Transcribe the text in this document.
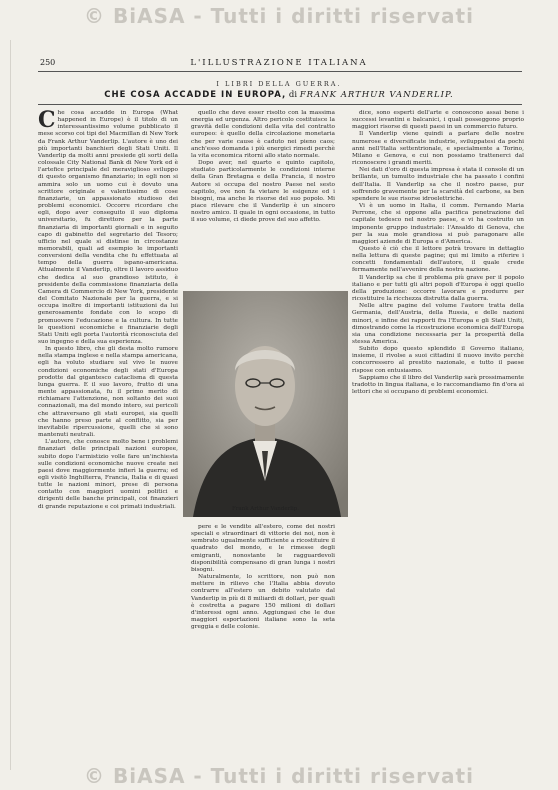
© BiASA - Tutti i diritti riservati
250	L'ILLUSTRAZIONE ITALIANA
I LIBRI DELLA GUERRA.
CHE COSA ACCADDE IN EUROPA, di FRANK ARTHUR VANDERLIP.

Che cosa accadde in Europa (What happened in Europe) è il titolo di un interessantissimo volume pubblicato il mese scorso coi tipi del Macmillan di New York da Frank Arthur Vanderlip. L'autore è uno dei più importanti banchieri degli Stati Uniti. Il Vanderlip da molti anni presiede gli sorti della colossale City National Bank di New York ed è l'artefice principale del meraviglioso sviluppo di questo organismo finanziario; in egli non si ammira solo un uomo cui è dovuto una scrittore originale e valentissimo di cose finanziarie, un appassionato studioso dei problemi economici. Occorre ricordare che egli, dopo aver conseguito il suo diploma universitario, fu direttore per la parte finanziaria di importanti giornali e in seguito capo di gabinetto del segretario del Tesoro; ufficio nel quale si distinse in circostanze memorabili, quali ad esempio le importanti conversioni della vendita che fu effettuata al tempo della guerra ispano-americana. Attualmente il Vanderlip, oltre il lavoro assiduo che dedica al suo grandioso istituto, è presidente della commissione finanziaria della Camera di Commercio di New York, presidente del Comitato Nazionale per la guerra, e si occupa inoltre di importanti istituzioni da lui generosamente fondate con lo scopo di promuovere l'educazione e la cultura. In tutte le questioni economiche e finanziarie degli Stati Uniti egli porta l'autorità riconosciuta del suo ingegno e della sua esperienza.

In questo libro, che gli desta molto rumore nella stampa inglese e nella stampa americana, egli ha voluto studiare sul vivo le nuove condizioni economiche degli stati d'Europa prodotte dal gigantesco cataclisma di questa lunga guerra. E il suo lavoro, frutto di una mente appassionata, fu il primo merito di richiamare l'attenzione, non soltanto dei suoi connazionali, ma del mondo intero, sui pericoli che attraversano gli stati europei, sia quelli che hanno preso parte al conflitto, sia per inevitabile ripercussione, quelli che si sono mantenuti neutrali.

L'autore, che conosce molto bene i problemi finanziari delle principali nazioni europee, subito dopo l'armistizio volle fare un'inchiesta sulle condizioni economiche nuove create nei paesi dove maggiormente infierì la guerra; ed egli visitò Inghilterra, Francia, Italia e di quasi tutte le nazioni minori, prese di persona contatto con maggiori uomini politici e dirigenti delle banche principali, coi finanzieri di grande reputazione e coi primati industriali.

quello che deve esser risolto con la massima energia ed urgenza. Altro pericolo costituisce la gravità delle condizioni della vita del contratto europeo: è quello della circolazione monetaria che per varie cause è caduto nei pieno caos; anch'esso domanda i più energici rimedi perchè la vita economica ritorni allo stato normale.

Dopo aver, nel quarto e quinto capitolo, studiato particolarmente le condizioni interne della Gran Bretagna e della Francia, il nostro Autore si occupa del nostro Paese nel sesto capitolo, ove non fa vietare le esigenze ed i bisogni, ma anche le risorse del suo popolo. Mi piace rilevare che il Vanderlip è un sincero nostro amico. Il quale in ogni occasione, in tutto il suo volume, ci diede prove del suo affetto.

Frank Arthur Vanderlip.

pere e le vendite all'estero, come dei nostri speciali e straordinari di vittorie dei noi, non è sembrato ugualmente sufficiente a ricostituire il quadrato del mondo, e le rimesse degli emigranti, nonostante le ragguardevoli disponibilità compensano di gran lunga i nostri bisogni.

Naturalmente, lo scrittore, non può non mettere in rilievo che l'Italia abbia dovuto contrarre all'estero un debito valutato dal Vanderlip in più di 8 miliardi di dollari, per quali è costretta a pagare 150 milioni di dollari d'interessi ogni anno. Aggiungasi che le due maggiori esportazioni italiane sono la seta greggia e delle colonie.

dice, sono esperti dell'arte e conoscono assai bene i successi levantini e balcanici, i quali posseggono proprio maggiori risorse di questi paesi in un commercio futuro.

Il Vanderlip viene quindi a parlare delle nostre numerose e diversificate industrie, sviluppatesi da pochi anni nell'Italia settentrionale, e specialmente a Torino, Milano e Genova, e cui non possiamo trattenerci dal riconoscere i grandi meriti.

Nei dati d'oro di questa impresa è stata il console di un brillante, un tumulto industriale che ha passato i confini dell'Italia. Il Vanderlip sa che il nostro paese, pur soffrendo gravemente per la scarsità del carbone, sa ben spendere le sue risorse idroelettriche.

Vi è un uomo in Italia, il comm. Fernando Maria Perrone, che si oppone alla pacifica penetrazione del capitale tedesco nel nostro paese, e vi ha costruito un imponente gruppo industriale: l'Ansaldo di Genova, che per la sua mole grandiosa si può paragonare alle maggiori aziende di Europa e d'America.

Questo è ciò che il lettore potrà trovare in dettaglio nella lettura di queste pagine; qui mi limito a riferire i concetti fondamentali dell'autore, il quale crede fermamente nell'avvenire della nostra nazione.

Il Vanderlip sa che il problema più grave per il popolo italiano e per tutti gli altri popoli d'Europa è oggi quello della produzione: occorre lavorare e produrre per ricostituire la ricchezza distrutta dalla guerra.

Nelle altre pagine del volume l'autore tratta della Germania, dell'Austria, della Russia, e delle nazioni minori, e infine dei rapporti fra l'Europa e gli Stati Uniti, dimostrando come la ricostruzione economica dell'Europa sia una condizione necessaria per la prosperità della stessa America.

Subito dopo questo splendido il Governo italiano, insieme, il rivolse a suoi cittadini il nuovo invito perchè concorressero al prestito nazionale, e tutto il paese rispose con entusiasmo.

Sappiamo che il libro del Vanderlip sarà prossimamente tradotto in lingua italiana, e lo raccomandiamo fin d'ora ai lettori che si occupano di problemi economici.

© BiASA - Tutti i diritti riservati
